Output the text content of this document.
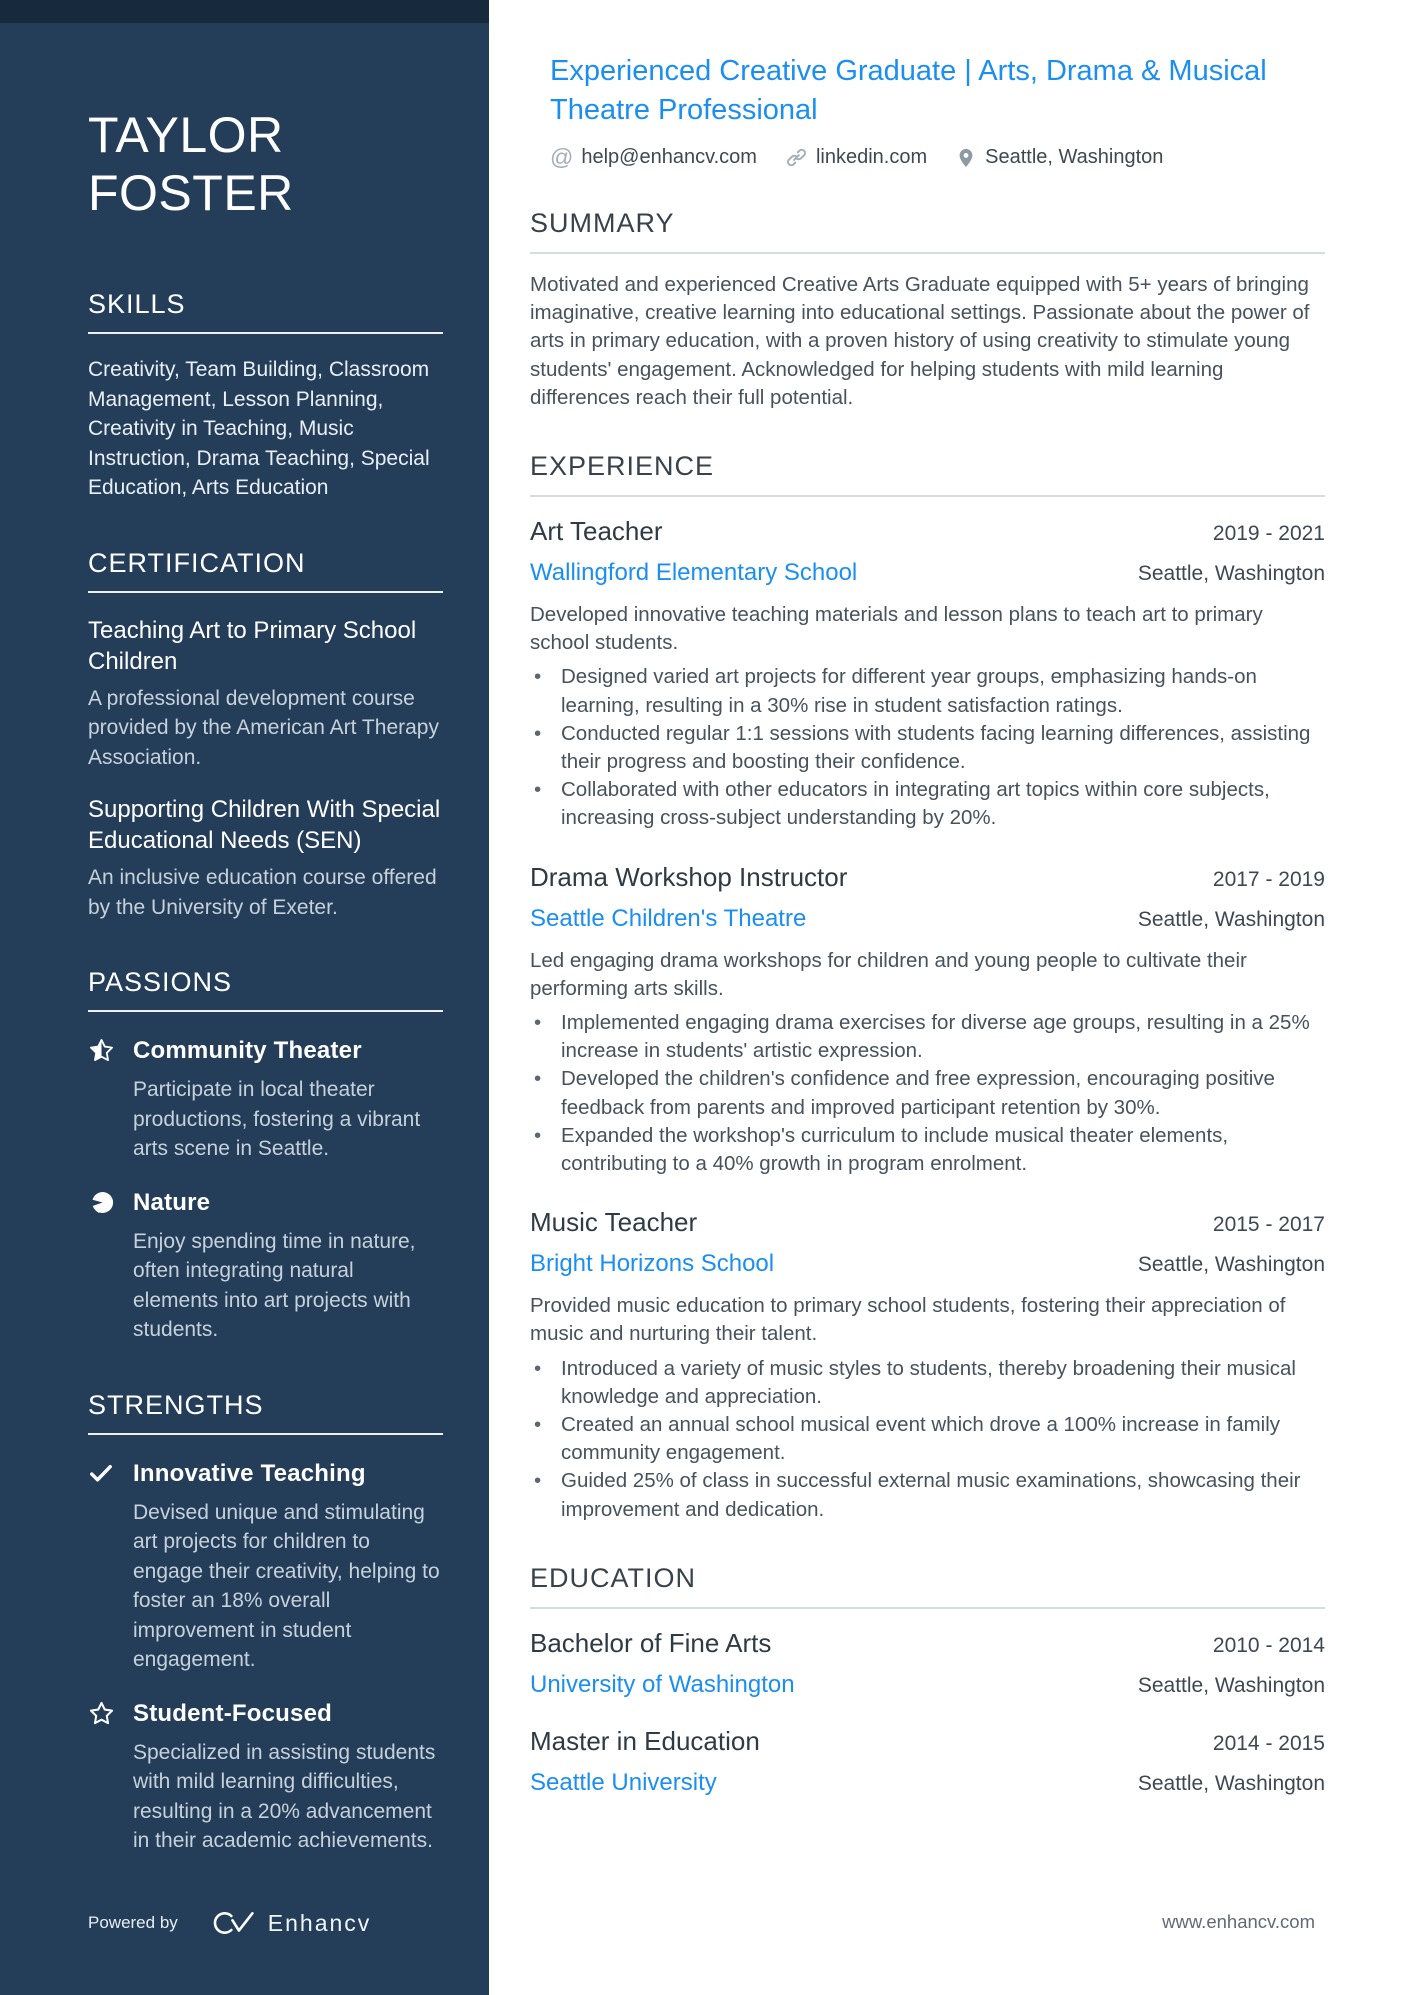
TAYLOR FOSTER
SKILLS

Creativity, Team Building, Classroom Management, Lesson Planning, Creativity in Teaching, Music Instruction, Drama Teaching, Special Education, Arts Education

CERTIFICATION
Teaching Art to Primary School Children
A professional development course provided by the American Art Therapy Association.
Supporting Children With Special Educational Needs (SEN)
An inclusive education course offered by the University of Exeter.
PASSIONS
Community Theater
Participate in local theater productions, fostering a vibrant arts scene in Seattle.
Nature
Enjoy spending time in nature, often integrating natural elements into art projects with students.
STRENGTHS
Innovative Teaching
Devised unique and stimulating art projects for children to engage their creativity, helping to foster an 18% overall improvement in student engagement.
Student-Focused
Specialized in assisting students with mild learning difficulties, resulting in a 20% advancement in their academic achievements.
Powered by	Enhancv
Experienced Creative Graduate | Arts, Drama & Musical Theatre Professional
@ help@enhancv.com	linkedin.com	Seattle, Washington
SUMMARY

Motivated and experienced Creative Arts Graduate equipped with 5+ years of bringing imaginative, creative learning into educational settings. Passionate about the power of arts in primary education, with a proven history of using creativity to stimulate young students' engagement. Acknowledged for helping students with mild learning differences reach their full potential.

EXPERIENCE
Art Teacher	2019 - 2021
Wallingford Elementary School	Seattle, Washington

Developed innovative teaching materials and lesson plans to teach art to primary school students.

• Designed varied art projects for different year groups, emphasizing hands-on learning, resulting in a 30% rise in student satisfaction ratings.
• Conducted regular 1:1 sessions with students facing learning differences, assisting their progress and boosting their confidence.
• Collaborated with other educators in integrating art topics within core subjects, increasing cross-subject understanding by 20%.
Drama Workshop Instructor	2017 - 2019
Seattle Children's Theatre	Seattle, Washington

Led engaging drama workshops for children and young people to cultivate their performing arts skills.

• Implemented engaging drama exercises for diverse age groups, resulting in a 25% increase in students' artistic expression.
• Developed the children's confidence and free expression, encouraging positive feedback from parents and improved participant retention by 30%.
• Expanded the workshop's curriculum to include musical theater elements, contributing to a 40% growth in program enrolment.
Music Teacher	2015 - 2017
Bright Horizons School	Seattle, Washington

Provided music education to primary school students, fostering their appreciation of music and nurturing their talent.

• Introduced a variety of music styles to students, thereby broadening their musical knowledge and appreciation.
• Created an annual school musical event which drove a 100% increase in family community engagement.
• Guided 25% of class in successful external music examinations, showcasing their improvement and dedication.
EDUCATION
Bachelor of Fine Arts	2010 - 2014
University of Washington	Seattle, Washington
Master in Education	2014 - 2015
Seattle University	Seattle, Washington
www.enhancv.com
